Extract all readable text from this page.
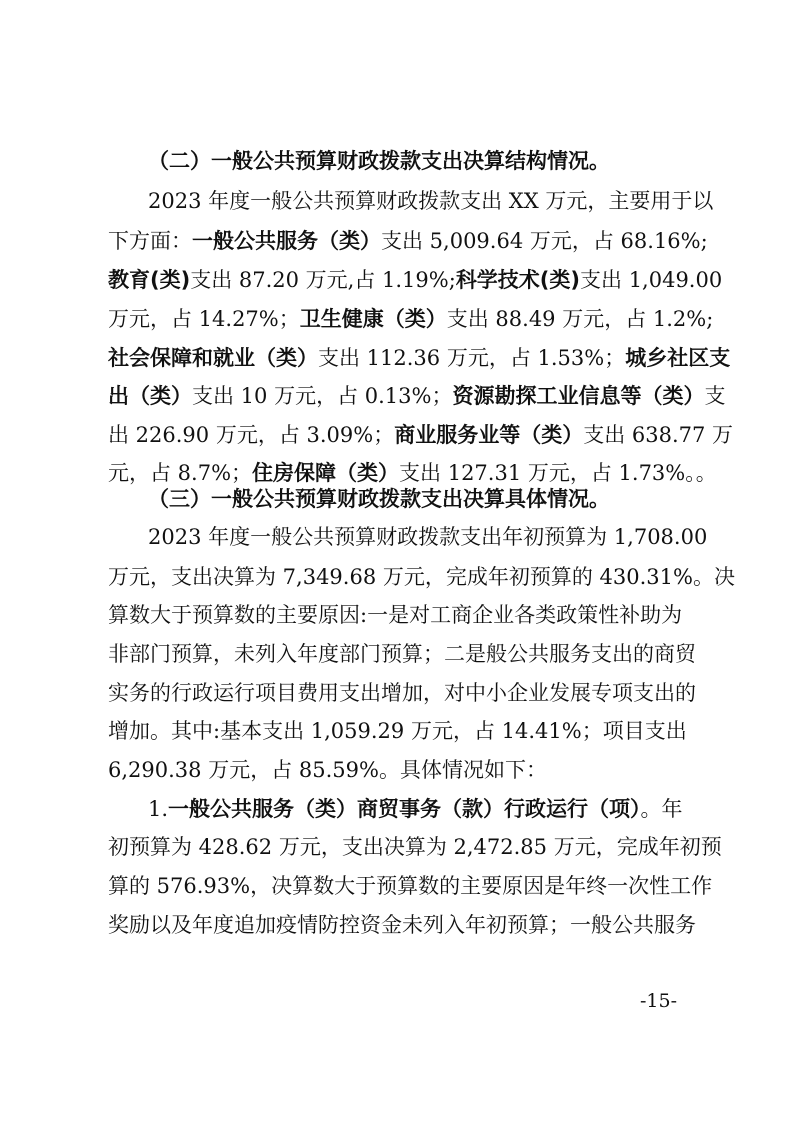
（二）一般公共预算财政拨款支出决算结构情况。
2023 年度一般公共预算财政拨款支出 XX 万元，主要用于以
下方面：一般公共服务（类）支出 5,009.64 万元，占 68.16%;
教育(类)支出 87.20 万元,占 1.19%;科学技术(类)支出 1,049.00
万元，占 14.27%；卫生健康（类）支出 88.49 万元，占 1.2%;
社会保障和就业（类）支出 112.36 万元，占 1.53%；城乡社区支
出（类）支出 10 万元，占 0.13%；资源勘探工业信息等（类）支
出 226.90 万元，占 3.09%；商业服务业等（类）支出 638.77 万
元，占 8.7%；住房保障（类）支出 127.31 万元，占 1.73%。。
（三）一般公共预算财政拨款支出决算具体情况。
2023 年度一般公共预算财政拨款支出年初预算为 1,708.00
万元，支出决算为 7,349.68 万元，完成年初预算的 430.31%。决
算数大于预算数的主要原因:一是对工商企业各类政策性补助为
非部门预算，未列入年度部门预算；二是般公共服务支出的商贸
实务的行政运行项目费用支出增加，对中小企业发展专项支出的
增加。其中:基本支出 1,059.29 万元，占 14.41%；项目支出
6,290.38 万元，占 85.59%。具体情况如下：
1.一般公共服务（类）商贸事务（款）行政运行（项）。年
初预算为 428.62 万元，支出决算为 2,472.85 万元，完成年初预
算的 576.93%，决算数大于预算数的主要原因是年终一次性工作
奖励以及年度追加疫情防控资金未列入年初预算；一般公共服务
-15-
